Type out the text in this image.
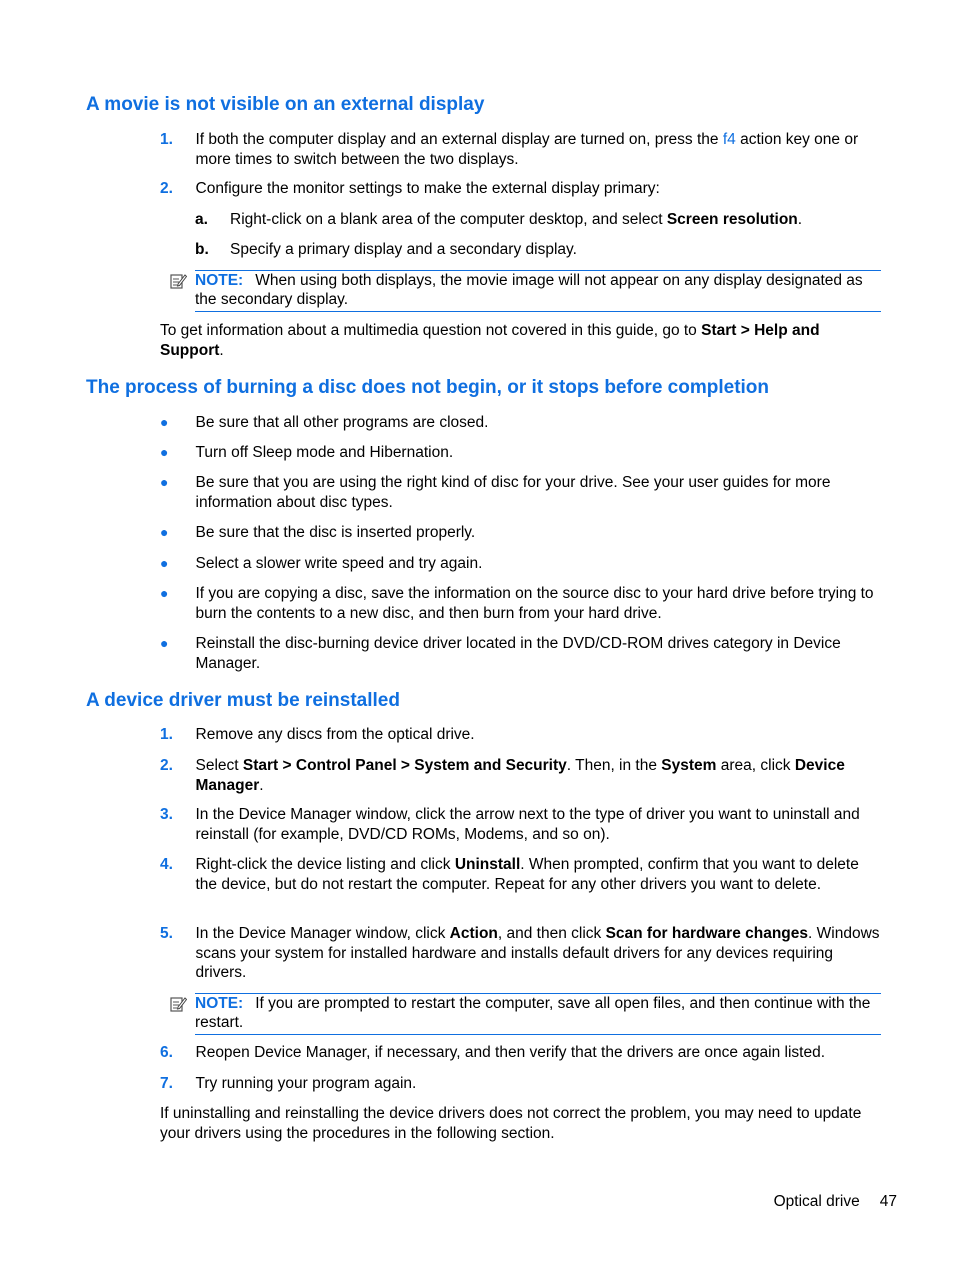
A movie is not visible on an external display
1. If both the computer display and an external display are turned on, press the f4 action key one or more times to switch between the two displays.
2. Configure the monitor settings to make the external display primary:
a. Right-click on a blank area of the computer desktop, and select Screen resolution.
b. Specify a primary display and a secondary display.
NOTE: When using both displays, the movie image will not appear on any display designated as the secondary display.
To get information about a multimedia question not covered in this guide, go to Start > Help and Support.
The process of burning a disc does not begin, or it stops before completion
● Be sure that all other programs are closed.
● Turn off Sleep mode and Hibernation.
● Be sure that you are using the right kind of disc for your drive. See your user guides for more information about disc types.
● Be sure that the disc is inserted properly.
● Select a slower write speed and try again.
● If you are copying a disc, save the information on the source disc to your hard drive before trying to burn the contents to a new disc, and then burn from your hard drive.
● Reinstall the disc-burning device driver located in the DVD/CD-ROM drives category in Device Manager.
A device driver must be reinstalled
1. Remove any discs from the optical drive.
2. Select Start > Control Panel > System and Security. Then, in the System area, click Device Manager.
3. In the Device Manager window, click the arrow next to the type of driver you want to uninstall and reinstall (for example, DVD/CD ROMs, Modems, and so on).
4. Right-click the device listing and click Uninstall. When prompted, confirm that you want to delete the device, but do not restart the computer. Repeat for any other drivers you want to delete.
5. In the Device Manager window, click Action, and then click Scan for hardware changes. Windows scans your system for installed hardware and installs default drivers for any devices requiring drivers.
NOTE: If you are prompted to restart the computer, save all open files, and then continue with the restart.
6. Reopen Device Manager, if necessary, and then verify that the drivers are once again listed.
7. Try running your program again.
If uninstalling and reinstalling the device drivers does not correct the problem, you may need to update your drivers using the procedures in the following section.
Optical drive 47
